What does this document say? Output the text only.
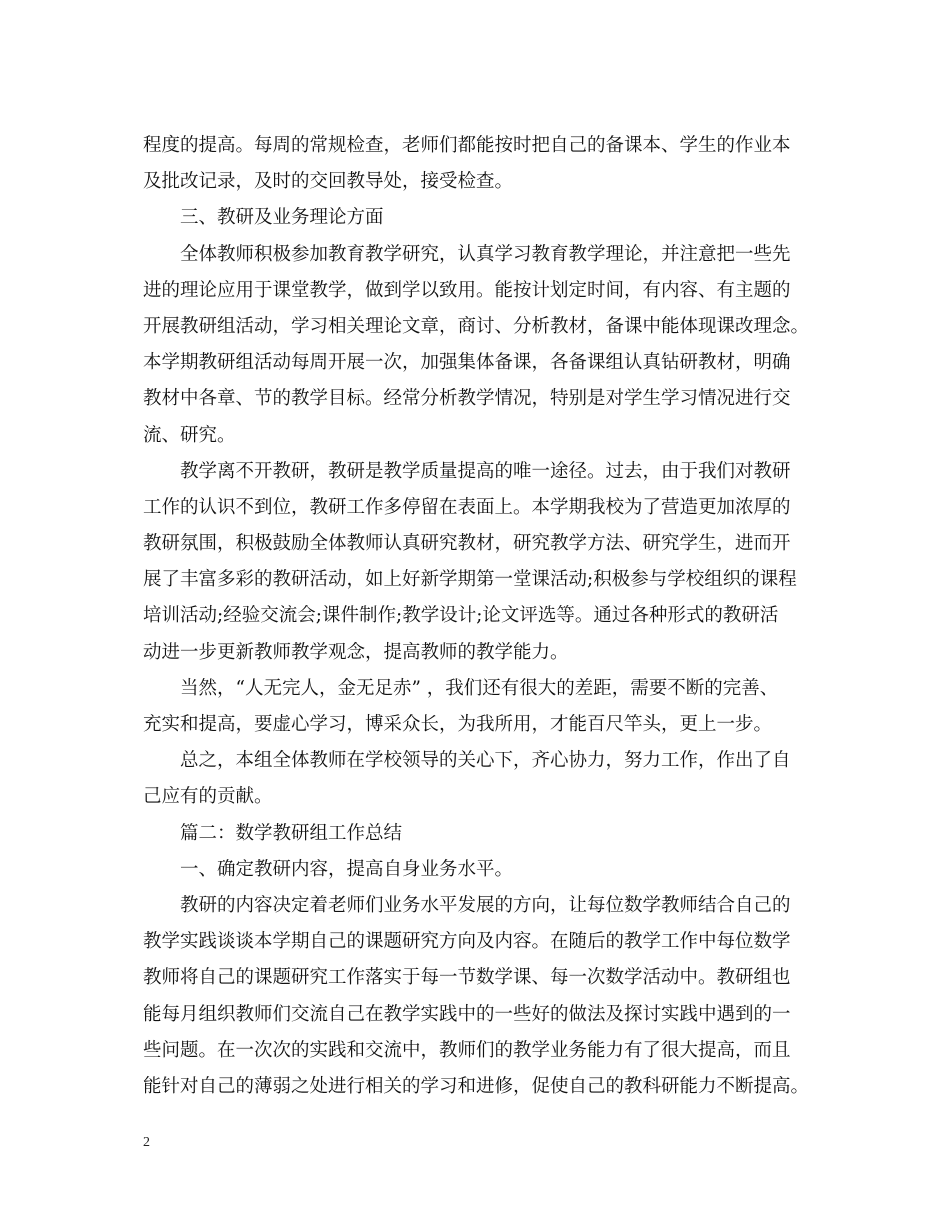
程度的提高。每周的常规检查，老师们都能按时把自己的备课本、学生的作业本
及批改记录，及时的交回教导处，接受检查。
三、教研及业务理论方面
全体教师积极参加教育教学研究，认真学习教育教学理论，并注意把一些先
进的理论应用于课堂教学，做到学以致用。能按计划定时间，有内容、有主题的
开展教研组活动，学习相关理论文章，商讨、分析教材，备课中能体现课改理念。
本学期教研组活动每周开展一次，加强集体备课，各备课组认真钻研教材，明确
教材中各章、节的教学目标。经常分析教学情况，特别是对学生学习情况进行交
流、研究。
教学离不开教研，教研是教学质量提高的唯一途径。过去，由于我们对教研
工作的认识不到位，教研工作多停留在表面上。本学期我校为了营造更加浓厚的
教研氛围，积极鼓励全体教师认真研究教材，研究教学方法、研究学生，进而开
展了丰富多彩的教研活动，如上好新学期第一堂课活动;积极参与学校组织的课程
培训活动;经验交流会;课件制作;教学设计;论文评选等。通过各种形式的教研活
动进一步更新教师教学观念，提高教师的教学能力。
当然，“人无完人，金无足赤” ，我们还有很大的差距，需要不断的完善、
充实和提高，要虚心学习，博采众长，为我所用，才能百尺竿头，更上一步。
总之，本组全体教师在学校领导的关心下，齐心协力，努力工作，作出了自
己应有的贡献。
篇二：数学教研组工作总结
一、确定教研内容，提高自身业务水平。
教研的内容决定着老师们业务水平发展的方向，让每位数学教师结合自己的
教学实践谈谈本学期自己的课题研究方向及内容。在随后的教学工作中每位数学
教师将自己的课题研究工作落实于每一节数学课、每一次数学活动中。教研组也
能每月组织教师们交流自己在教学实践中的一些好的做法及探讨实践中遇到的一
些问题。在一次次的实践和交流中，教师们的教学业务能力有了很大提高，而且
能针对自己的薄弱之处进行相关的学习和进修，促使自己的教科研能力不断提高。
2
